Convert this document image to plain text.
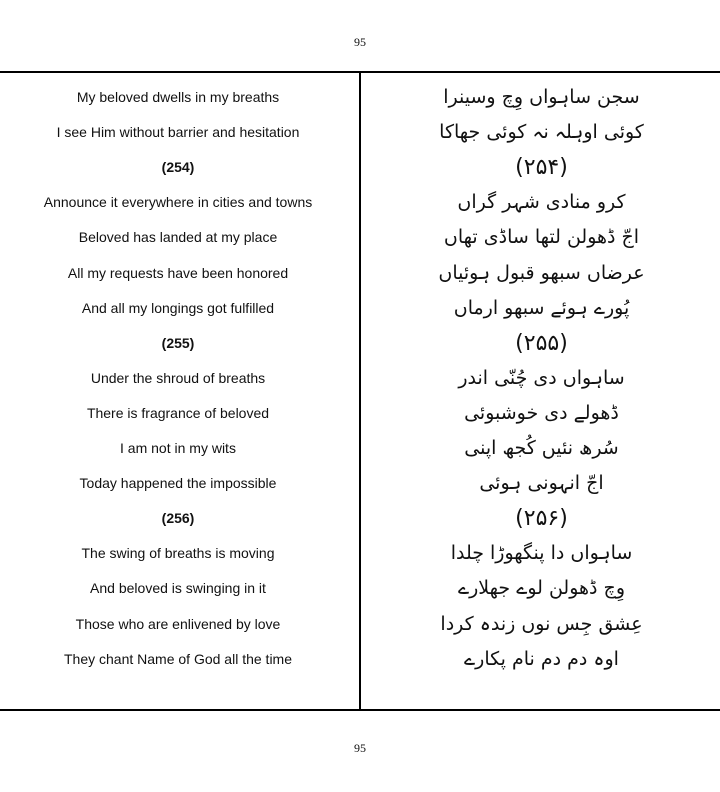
95
My beloved dwells in my breaths
I see Him without barrier and hesitation
(254)
Announce it everywhere in cities and towns
Beloved has landed at my place
All my requests have been honored
And all my longings got fulfilled
(255)
Under the shroud of breaths
There is fragrance of beloved
I am not in my wits
Today happened the impossible
(256)
The swing of breaths is moving
And beloved is swinging in it
Those who are enlivened by love
They chant Name of God all the time
سجن ساہواں وِچ وسینرا
کوئی اوہلہ نہ کوئی جھاکا
(۲۵۴)
کرو منادی شہر گراں
اجّ ڈھولن لتھا ساڈی تھاں
عرضاں سبھو قبول ہوئیاں
پُورے ہوئے سبھو ارماں
(۲۵۵)
ساہواں دی چُنّی اندر
ڈھولے دی خوشبوئی
سُرھ نئیں کُجھ اپنی
اجّ انہونی ہوئی
(۲۵۶)
ساہواں دا پنگھوڑا چلدا
وِچ ڈھولن لوے جھلارے
عِشق جِس نوں زندہ کردا
اوہ دم دم نام پکارے
95
